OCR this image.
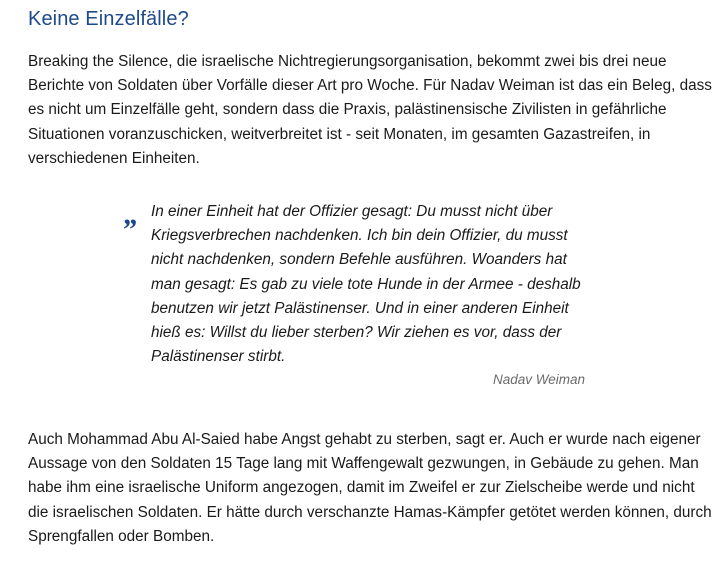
Keine Einzelfälle?

Breaking the Silence, die israelische Nichtregierungsorganisation, bekommt zwei bis drei neue Berichte von Soldaten über Vorfälle dieser Art pro Woche. Für Nadav Weiman ist das ein Beleg, dass es nicht um Einzelfälle geht, sondern dass die Praxis, palästinensische Zivilisten in gefährliche Situationen voranzuschicken, weitverbreitet ist - seit Monaten, im gesamten Gazastreifen, in verschiedenen Einheiten.

„ In einer Einheit hat der Offizier gesagt: Du musst nicht über Kriegsverbrechen nachdenken. Ich bin dein Offizier, du musst nicht nachdenken, sondern Befehle ausführen. Woanders hat man gesagt: Es gab zu viele tote Hunde in der Armee - deshalb benutzen wir jetzt Palästinenser. Und in einer anderen Einheit hieß es: Willst du lieber sterben? Wir ziehen es vor, dass der Palästinenser stirbt.

Nadav Weiman

Auch Mohammad Abu Al-Saied habe Angst gehabt zu sterben, sagt er. Auch er wurde nach eigener Aussage von den Soldaten 15 Tage lang mit Waffengewalt gezwungen, in Gebäude zu gehen. Man habe ihm eine israelische Uniform angezogen, damit im Zweifel er zur Zielscheibe werde und nicht die israelischen Soldaten. Er hätte durch verschanzte Hamas-Kämpfer getötet werden können, durch Sprengfallen oder Bomben.
